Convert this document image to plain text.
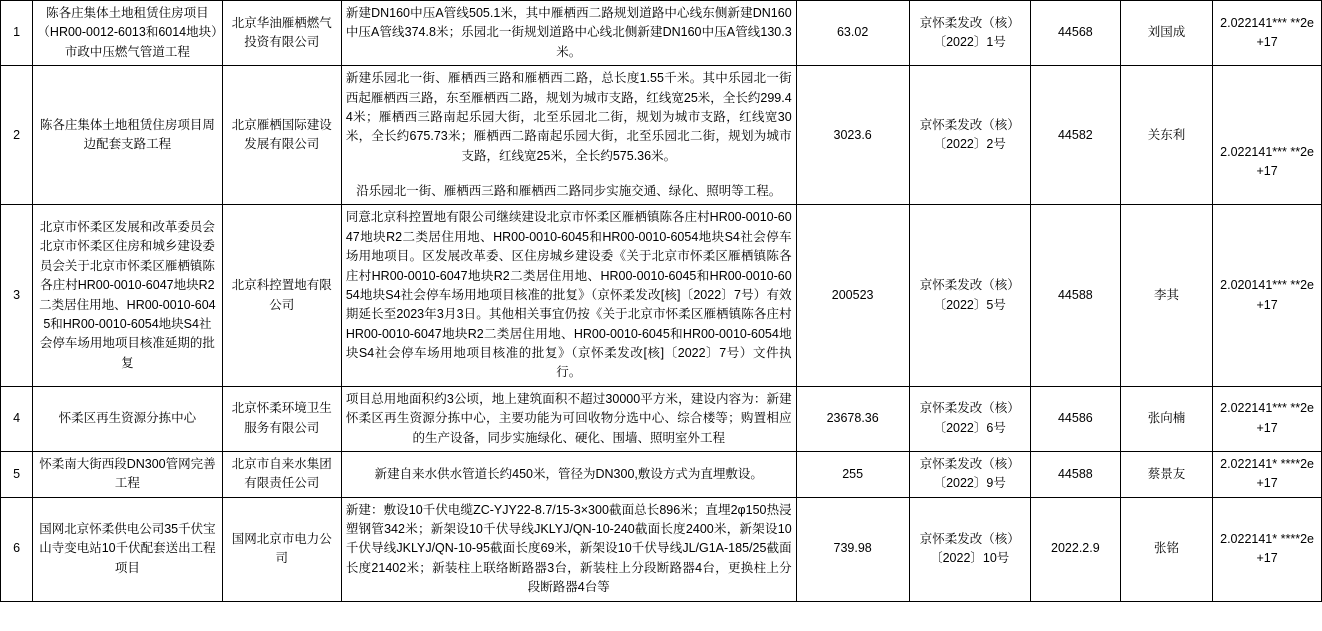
1	陈各庄集体土地租赁住房项目（HR00-0012-6013和6014地块）市政中压燃气管道工程	北京华油雁栖燃气投资有限公司	新建DN160中压A管线505.1米，其中雁栖西二路规划道路中心线东侧新建DN160中压A管线374.8米；乐园北一街规划道路中心线北侧新建DN160中压A管线130.3米。	63.02	京怀柔发改（核）〔2022〕1号	44568	刘国成	2.022141*** **2e+17
2	陈各庄集体土地租赁住房项目周边配套支路工程	北京雁栖国际建设发展有限公司	新建乐园北一街、雁栖西三路和雁栖西二路，总长度1.55千米。其中乐园北一街西起雁栖西三路，东至雁栖西二路，规划为城市支路，红线宽25米，全长约299.44米；雁栖西三路南起乐园大街，北至乐园北二街，规划为城市支路，红线宽30米，全长约675.73米；雁栖西二路南起乐园大街，北至乐园北二街，规划为城市支路，红线宽25米，全长约575.36米。
沿乐园北一街、雁栖西三路和雁栖西二路同步实施交通、绿化、照明等工程。	3023.6	京怀柔发改（核）〔2022〕2号	44582	关东利	2.022141*** **2e+17
3	北京市怀柔区发展和改革委员会 北京市怀柔区住房和城乡建设委员会关于北京市怀柔区雁栖镇陈各庄村HR00-0010-6047地块R2二类居住用地、HR00-0010-6045和HR00-0010-6054地块S4社会停车场用地项目核准延期的批复	北京科控置地有限公司	同意北京科控置地有限公司继续建设北京市怀柔区雁栖镇陈各庄村HR00-0010-6047地块R2二类居住用地、HR00-0010-6045和HR00-0010-6054地块S4社会停车场用地项目。区发展改革委、区住房城乡建设委《关于北京市怀柔区雁栖镇陈各庄村HR00-0010-6047地块R2二类居住用地、HR00-0010-6045和HR00-0010-6054地块S4社会停车场用地项目核准的批复》（京怀柔发改[核]〔2022〕7号）有效期延长至2023年3月3日。其他相关事宜仍按《关于北京市怀柔区雁栖镇陈各庄村HR00-0010-6047地块R2二类居住用地、HR00-0010-6045和HR00-0010-6054地块S4社会停车场用地项目核准的批复》（京怀柔发改[核]〔2022〕7号）文件执行。	200523	京怀柔发改（核）〔2022〕5号	44588	李其	2.020141*** **2e+17
4	怀柔区再生资源分拣中心	北京怀柔环境卫生服务有限公司	项目总用地面积约3公顷，地上建筑面积不超过30000平方米，建设内容为：新建怀柔区再生资源分拣中心，主要功能为可回收物分选中心、综合楼等；购置相应的生产设备，同步实施绿化、硬化、围墙、照明室外工程	23678.36	京怀柔发改（核）〔2022〕6号	44586	张向楠	2.022141*** **2e+17
5	怀柔南大街西段DN300管网完善工程	北京市自来水集团有限责任公司	新建自来水供水管道长约450米，管径为DN300,敷设方式为直埋敷设。	255	京怀柔发改（核）〔2022〕9号	44588	蔡景友	2.022141* ****2e+17
6	国网北京怀柔供电公司35千伏宝山寺变电站10千伏配套送出工程项目	国网北京市电力公司	新建：敷设10千伏电缆ZC-YJY22-8.7/15-3×300截面总长896米；直埋2φ150热浸塑钢管342米；新架设10千伏导线JKLYJ/QN-10-240截面长度2400米，新架设10千伏导线JKLYJ/QN-10-95截面长度69米，新架设10千伏导线JL/G1A-185/25截面长度21402米；新装柱上联络断路器3台，新装柱上分段断路器4台，更换柱上分段断路器4台等	739.98	京怀柔发改（核）〔2022〕10号	2022.2.9	张铭	2.022141* ****2e+17
